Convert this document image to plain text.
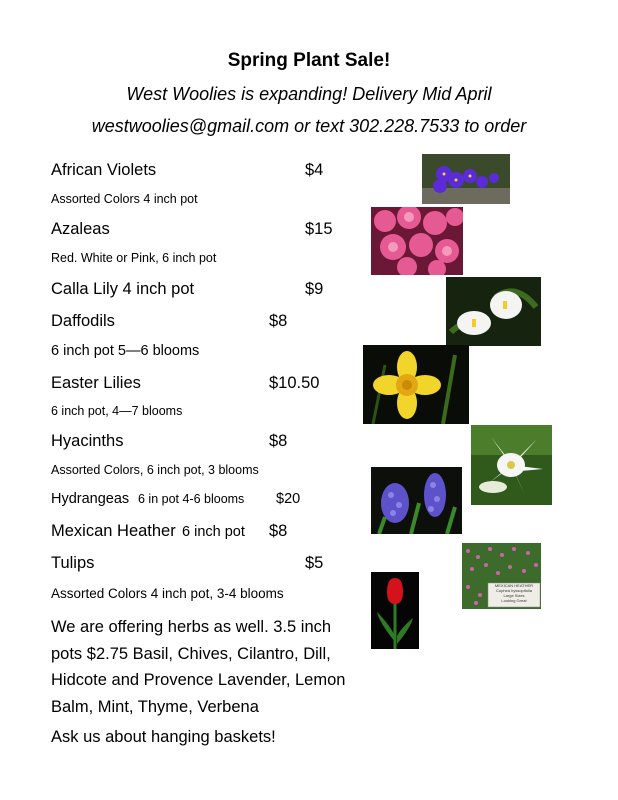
Spring Plant Sale!
West Woolies is expanding! Delivery Mid April
westwoolies@gmail.com or text 302.228.7533 to order
African Violets	$4
Assorted Colors 4 inch pot
Azaleas	$15
Red. White or Pink, 6 inch pot
Calla Lily 4 inch pot	$9
Daffodils	$8
6 inch pot 5—6 blooms
Easter Lilies	$10.50
6 inch pot, 4—7 blooms
Hyacinths	$8
Assorted Colors, 6 inch pot, 3 blooms
Hydrangeas 6 in pot 4-6 blooms $20
Mexican Heather 6 inch pot $8
Tulips	$5
Assorted Colors 4 inch pot, 3-4 blooms
We are offering herbs as well. 3.5 inch pots $2.75 Basil, Chives, Cilantro, Dill, Hidcote and Provence Lavender, Lemon Balm, Mint, Thyme, Verbena
Ask us about hanging baskets!
MEXICAN HEATHER
Cuphea hyssopifolia
Large Sizes
Looking Great
